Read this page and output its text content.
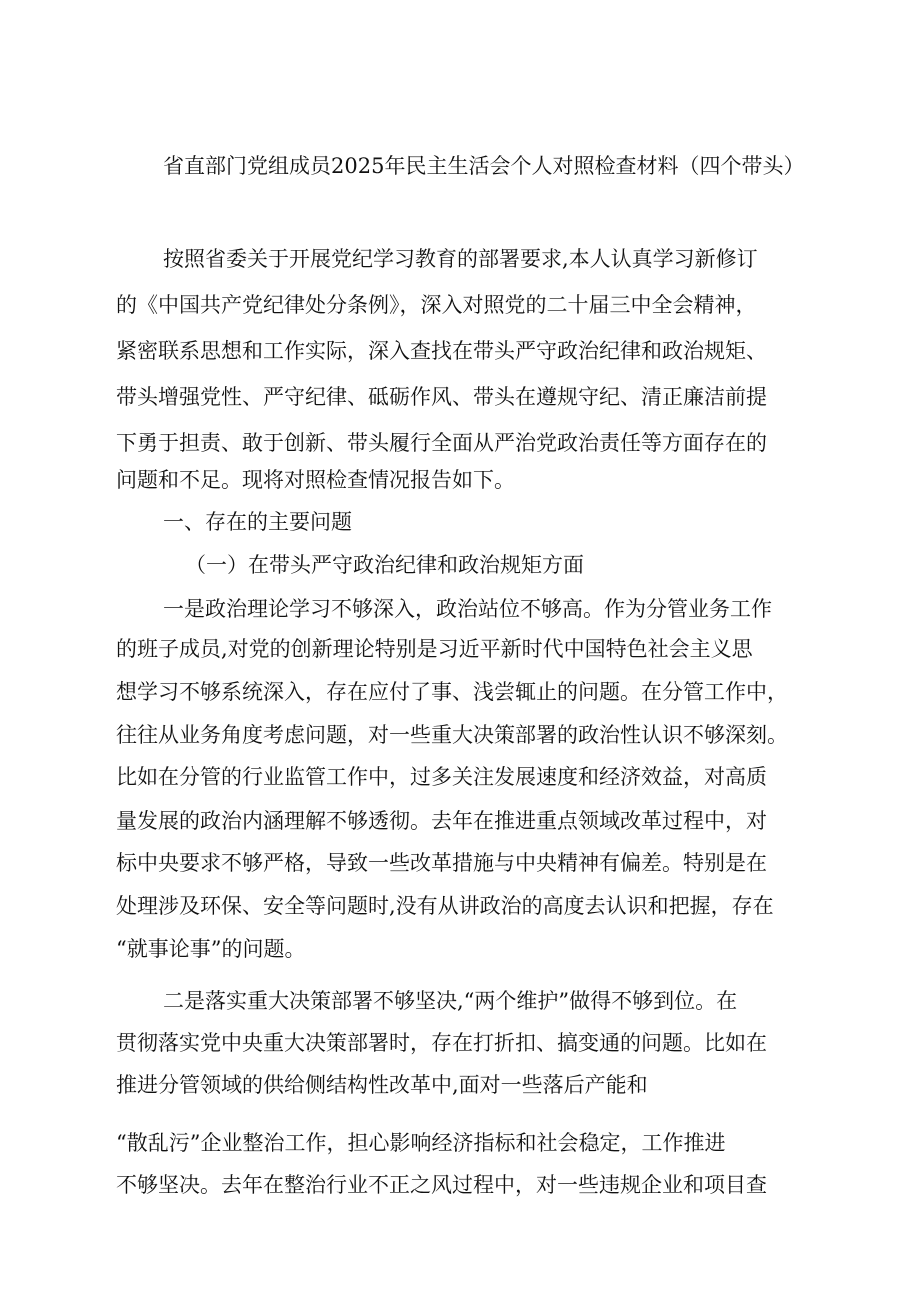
省直部门党组成员2025年民主生活会个人对照检查材料（四个带头）
按照省委关于开展党纪学习教育的部署要求,本人认真学习新修订
的《中国共产党纪律处分条例》，深入对照党的二十届三中全会精神，
紧密联系思想和工作实际，深入查找在带头严守政治纪律和政治规矩、
带头增强党性、严守纪律、砥砺作风、带头在遵规守纪、清正廉洁前提
下勇于担责、敢于创新、带头履行全面从严治党政治责任等方面存在的
问题和不足。现将对照检查情况报告如下。
一、存在的主要问题
（一）在带头严守政治纪律和政治规矩方面
一是政治理论学习不够深入，政治站位不够高。作为分管业务工作
的班子成员,对党的创新理论特别是习近平新时代中国特色社会主义思
想学习不够系统深入，存在应付了事、浅尝辄止的问题。在分管工作中，
往往从业务角度考虑问题，对一些重大决策部署的政治性认识不够深刻。
比如在分管的行业监管工作中，过多关注发展速度和经济效益，对高质
量发展的政治内涵理解不够透彻。去年在推进重点领域改革过程中，对
标中央要求不够严格，导致一些改革措施与中央精神有偏差。特别是在
处理涉及环保、安全等问题时,没有从讲政治的高度去认识和把握，存在
“就事论事”的问题。
二是落实重大决策部署不够坚决,“两个维护”做得不够到位。在
贯彻落实党中央重大决策部署时，存在打折扣、搞变通的问题。比如在
推进分管领域的供给侧结构性改革中,面对一些落后产能和
“散乱污”企业整治工作，担心影响经济指标和社会稳定，工作推进
不够坚决。去年在整治行业不正之风过程中，对一些违规企业和项目查
